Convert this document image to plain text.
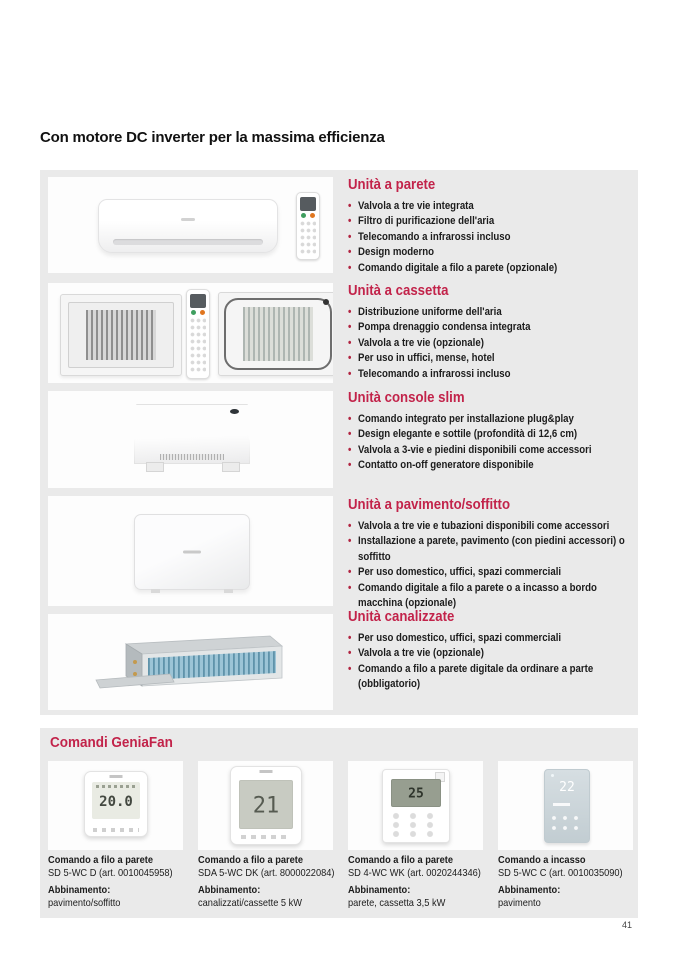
Con motore DC inverter per la massima efficienza
Unità a parete
• Valvola a tre vie integrata
• Filtro di purificazione dell'aria
• Telecomando a infrarossi incluso
• Design moderno
• Comando digitale a filo a parete (opzionale)
Unità a cassetta
• Distribuzione uniforme dell'aria
• Pompa drenaggio condensa integrata
• Valvola a tre vie (opzionale)
• Per uso in uffici, mense, hotel
• Telecomando a infrarossi incluso
Unità console slim
• Comando integrato per installazione plug&play
• Design elegante e sottile (profondità di 12,6 cm)
• Valvola a 3-vie e piedini disponibili come accessori
• Contatto on-off generatore disponibile
Unità a pavimento/soffitto
• Valvola a tre vie e tubazioni disponibili come accessori
• Installazione a parete, pavimento (con piedini accessori) o soffitto
• Per uso domestico, uffici, spazi commerciali
• Comando digitale a filo a parete o a incasso a bordo macchina (opzionale)
Unità canalizzate
• Per uso domestico, uffici, spazi commerciali
• Valvola a tre vie (opzionale)
• Comando a filo a parete digitale da ordinare a parte (obbligatorio)
Comandi GeniaFan
20.0	21	25	22
Comando a filo a parete
SD 5-WC D (art. 0010045958)
Abbinamento:
pavimento/soffitto
Comando a filo a parete
SDA 5-WC DK (art. 8000022084)
Abbinamento:
canalizzati/cassette 5 kW
Comando a filo a parete
SD 4-WC WK (art. 0020244346)
Abbinamento:
parete, cassetta 3,5 kW
Comando a incasso
SD 5-WC C (art. 0010035090)
Abbinamento:
pavimento
41
